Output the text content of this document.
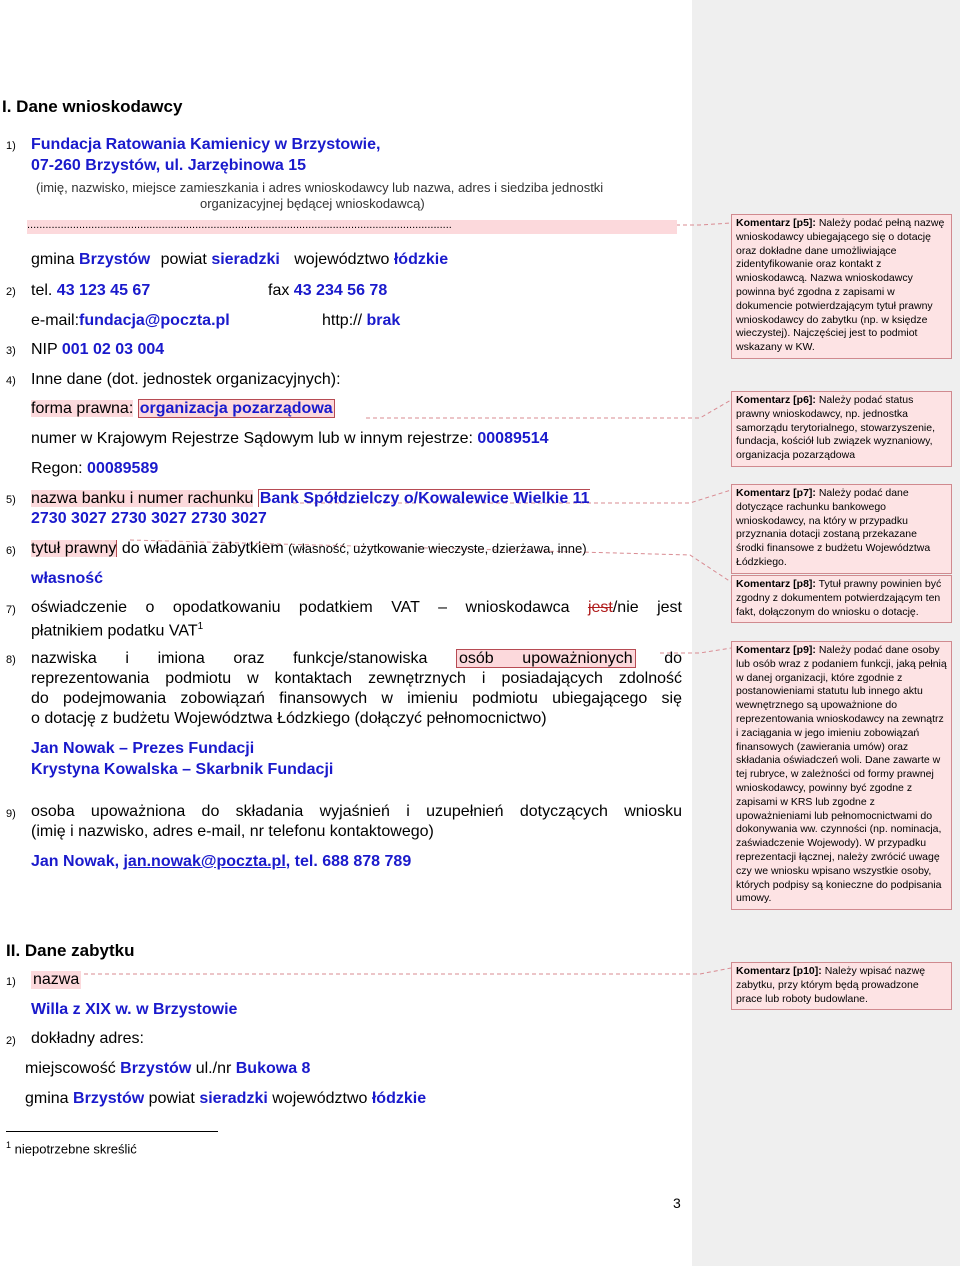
I. Dane wnioskodawcy
1) Fundacja Ratowania Kamienicy w Brzystowie,
07-260 Brzystów, ul. Jarzębinowa 15
(imię, nazwisko, miejsce zamieszkania i adres wnioskodawcy lub nazwa, adres i siedziba jednostki
organizacyjnej będącej wnioskodawcą)
...........................................................................................................................................
gmina Brzystów powiat sieradzki województwo łódzkie
2) tel. 43 123 45 67	fax 43 234 56 78
e-mail:fundacja@poczta.pl	http:// brak
3) NIP 001 02 03 004
4) Inne dane (dot. jednostek organizacyjnych):
forma prawna: organizacja pozarządowa
numer w Krajowym Rejestrze Sądowym lub w innym rejestrze: 00089514
Regon: 00089589
5) nazwa banku i numer rachunku Bank Spółdzielczy o/Kowalewice Wielkie 11
2730 3027 2730 3027 2730 3027
6) tytuł prawny do władania zabytkiem (własność, użytkowanie wieczyste, dzierżawa, inne)
własność
7) oświadczenie o opodatkowaniu podatkiem VAT – wnioskodawca jest/nie jest
płatnikiem podatku VAT$^1$
8) nazwiska i imiona oraz funkcje/stanowiska osób upoważnionych do
reprezentowania podmiotu w kontaktach zewnętrznych i posiadających zdolność
do podejmowania zobowiązań finansowych w imieniu podmiotu ubiegającego się
o dotację z budżetu Województwa Łódzkiego (dołączyć pełnomocnictwo)
Jan Nowak – Prezes Fundacji
Krystyna Kowalska – Skarbnik Fundacji
9) osoba upoważniona do składania wyjaśnień i uzupełnień dotyczących wniosku
(imię i nazwisko, adres e-mail, nr telefonu kontaktowego)
Jan Nowak, jan.nowak@poczta.pl, tel. 688 878 789
II. Dane zabytku
1) nazwa
Willa z XIX w. w Brzystowie
2) dokładny adres:
miejscowość Brzystów ul./nr Bukowa 8
gmina Brzystów powiat sieradzki województwo łódzkie
$^1$ niepotrzebne skreślić
3
Komentarz [p5]: Należy podać pełną nazwę wnioskodawcy ubiegającego się o dotację oraz dokładne dane umożliwiające zidentyfikowanie oraz kontakt z wnioskodawcą. Nazwa wnioskodawcy powinna być zgodna z zapisami w dokumencie potwierdzającym tytuł prawny wnioskodawcy do zabytku (np. w księdze wieczystej). Najczęściej jest to podmiot wskazany w KW.
Komentarz [p6]: Należy podać status prawny wnioskodawcy, np. jednostka samorządu terytorialnego, stowarzyszenie, fundacja, kościół lub związek wyznaniowy, organizacja pozarządowa
Komentarz [p7]: Należy podać dane dotyczące rachunku bankowego wnioskodawcy, na który w przypadku przyznania dotacji zostaną przekazane środki finansowe z budżetu Województwa Łódzkiego.
Komentarz [p8]: Tytuł prawny powinien być zgodny z dokumentem potwierdzającym ten fakt, dołączonym do wniosku o dotację.
Komentarz [p9]: Należy podać dane osoby lub osób wraz z podaniem funkcji, jaką pełnią w danej organizacji, które zgodnie z postanowieniami statutu lub innego aktu wewnętrznego są upoważnione do reprezentowania wnioskodawcy na zewnątrz i zaciągania w jego imieniu zobowiązań finansowych (zawierania umów) oraz składania oświadczeń woli. Dane zawarte w tej rubryce, w zależności od formy prawnej wnioskodawcy, powinny być zgodne z zapisami w KRS lub zgodne z upoważnieniami lub pełnomocnictwami do dokonywania ww. czynności (np. nominacja, zaświadczenie Wojewody). W przypadku reprezentacji łącznej, należy zwrócić uwagę czy we wniosku wpisano wszystkie osoby, których podpisy są konieczne do podpisania umowy.
Komentarz [p10]: Należy wpisać nazwę zabytku, przy którym będą prowadzone prace lub roboty budowlane.
